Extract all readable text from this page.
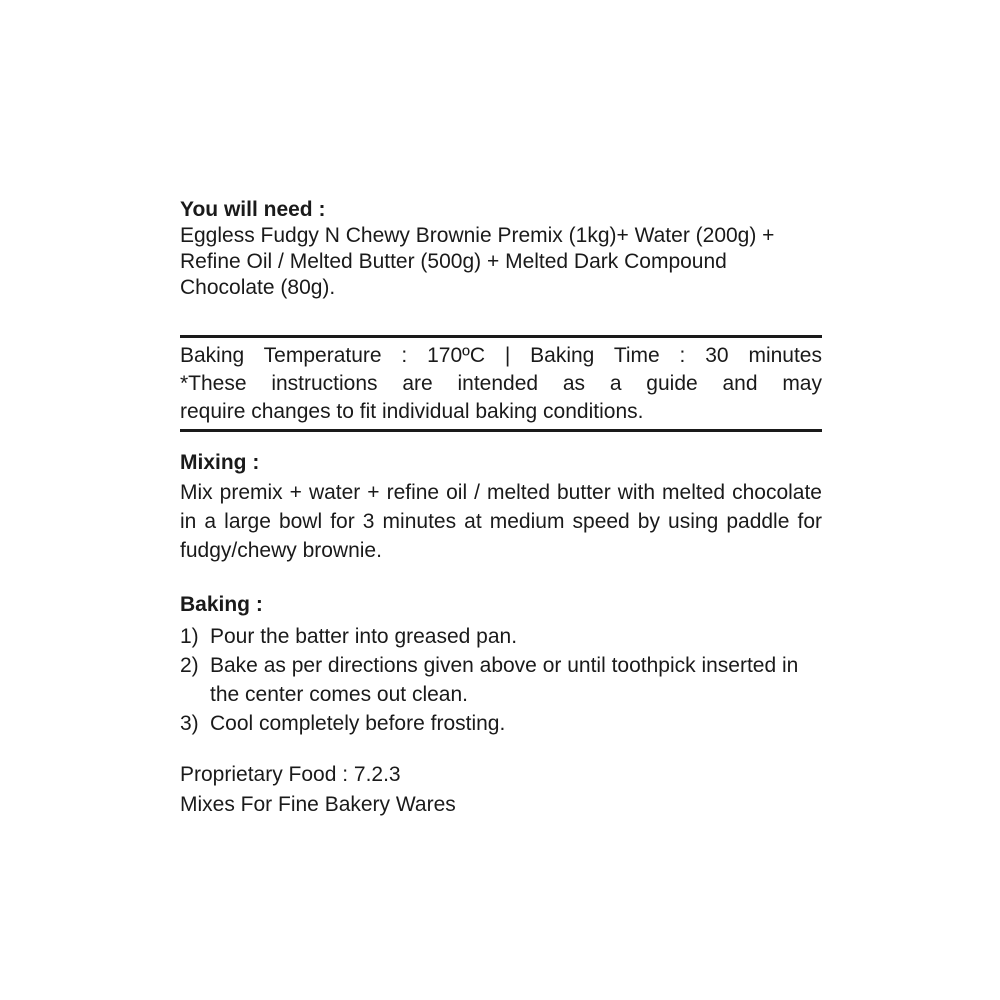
You will need :

Eggless Fudgy N Chewy Brownie Premix (1kg)+ Water (200g) + Refine Oil / Melted Butter (500g) + Melted Dark Compound Chocolate (80g).

Baking Temperature : 170ºC | Baking Time : 30 minutes
*These instructions are intended as a guide and may
require changes to fit individual baking conditions.
Mixing :

Mix premix + water + refine oil / melted butter with melted chocolate in a large bowl for 3 minutes at medium speed by using paddle for fudgy/chewy brownie.

Baking :
1) Pour the batter into greased pan.
2) Bake as per directions given above or until toothpick inserted in the center comes out clean.
3) Cool completely before frosting.
Proprietary Food : 7.2.3
Mixes For Fine Bakery Wares
